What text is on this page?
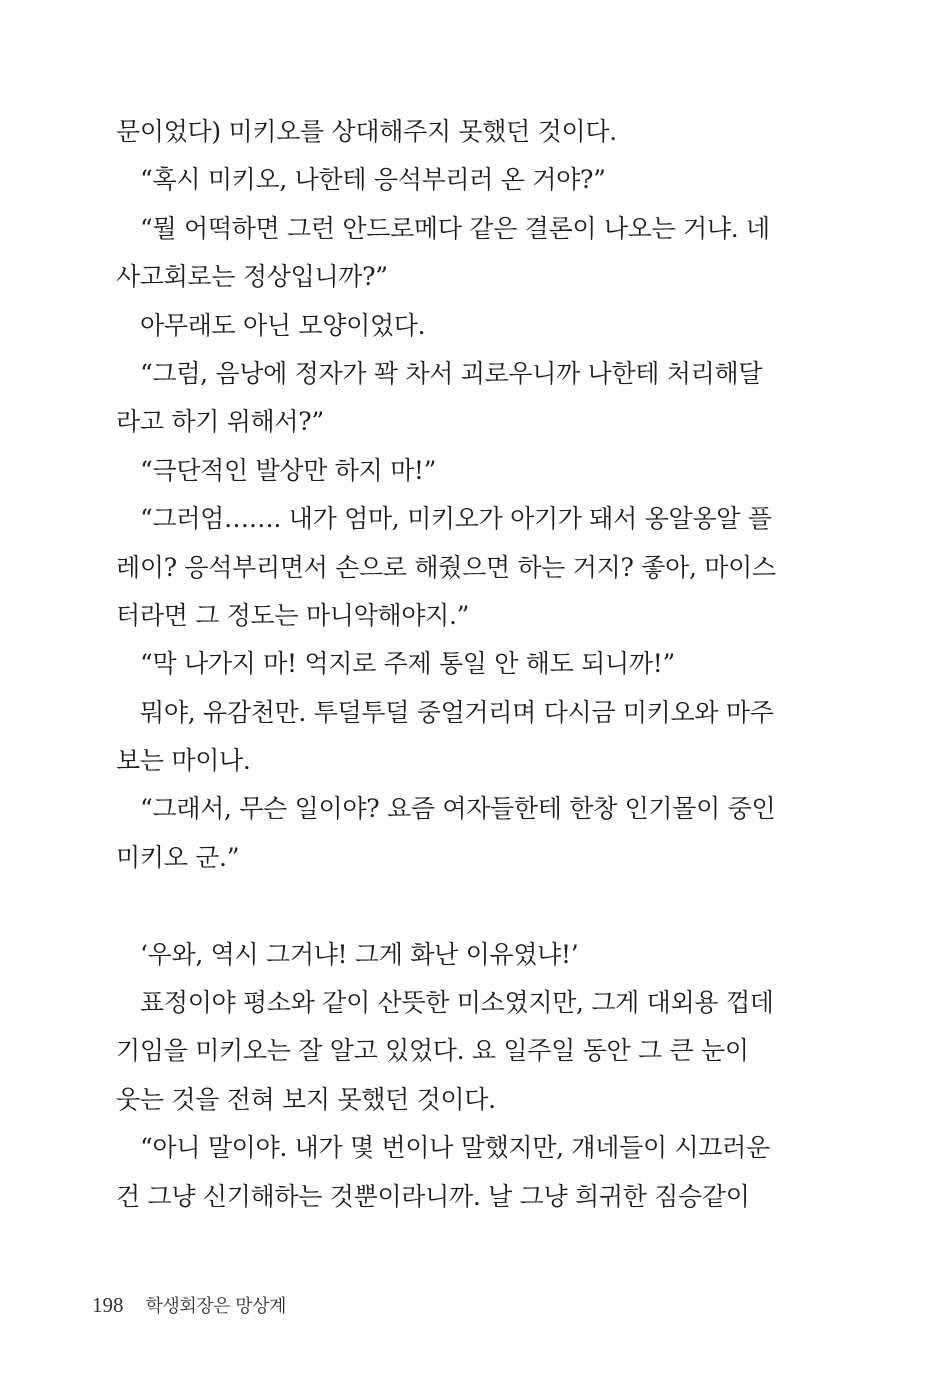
문이었다) 미키오를 상대해주지 못했던 것이다.
“혹시 미키오, 나한테 응석부리러 온 거야?”
“뭘 어떡하면 그런 안드로메다 같은 결론이 나오는 거냐. 네
사고회로는 정상입니까?”
아무래도 아닌 모양이었다.
“그럼, 음낭에 정자가 꽉 차서 괴로우니까 나한테 처리해달
라고 하기 위해서?”
“극단적인 발상만 하지 마!”
“그러엄……. 내가 엄마, 미키오가 아기가 돼서 옹알옹알 플
레이? 응석부리면서 손으로 해줬으면 하는 거지? 좋아, 마이스
터라면 그 정도는 마니악해야지.”
“막 나가지 마! 억지로 주제 통일 안 해도 되니까!”
뭐야, 유감천만. 투덜투덜 중얼거리며 다시금 미키오와 마주
보는 마이나.
“그래서, 무슨 일이야? 요즘 여자들한테 한창 인기몰이 중인
미키오 군.”
‘우와, 역시 그거냐! 그게 화난 이유였냐!’
표정이야 평소와 같이 산뜻한 미소였지만, 그게 대외용 껍데
기임을 미키오는 잘 알고 있었다. 요 일주일 동안 그 큰 눈이
웃는 것을 전혀 보지 못했던 것이다.
“아니 말이야. 내가 몇 번이나 말했지만, 걔네들이 시끄러운
건 그냥 신기해하는 것뿐이라니까. 날 그냥 희귀한 짐승같이
198 학생회장은 망상계
